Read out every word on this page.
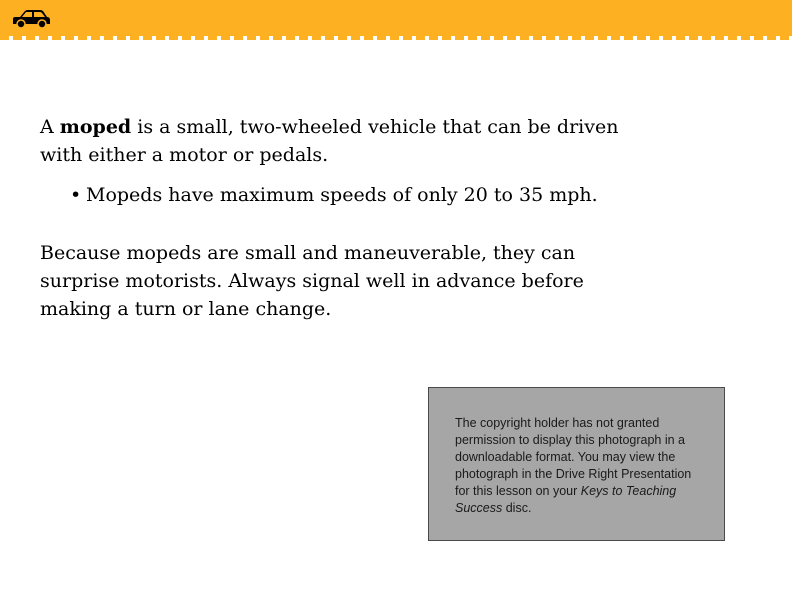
A moped is a small, two-wheeled vehicle that can be driven with either a motor or pedals.

• Mopeds have maximum speeds of only 20 to 35 mph.

Because mopeds are small and maneuverable, they can surprise motorists. Always signal well in advance before making a turn or lane change.

The copyright holder has not granted permission to display this photograph in a downloadable format. You may view the photograph in the Drive Right Presentation for this lesson on your Keys to Teaching Success disc.
